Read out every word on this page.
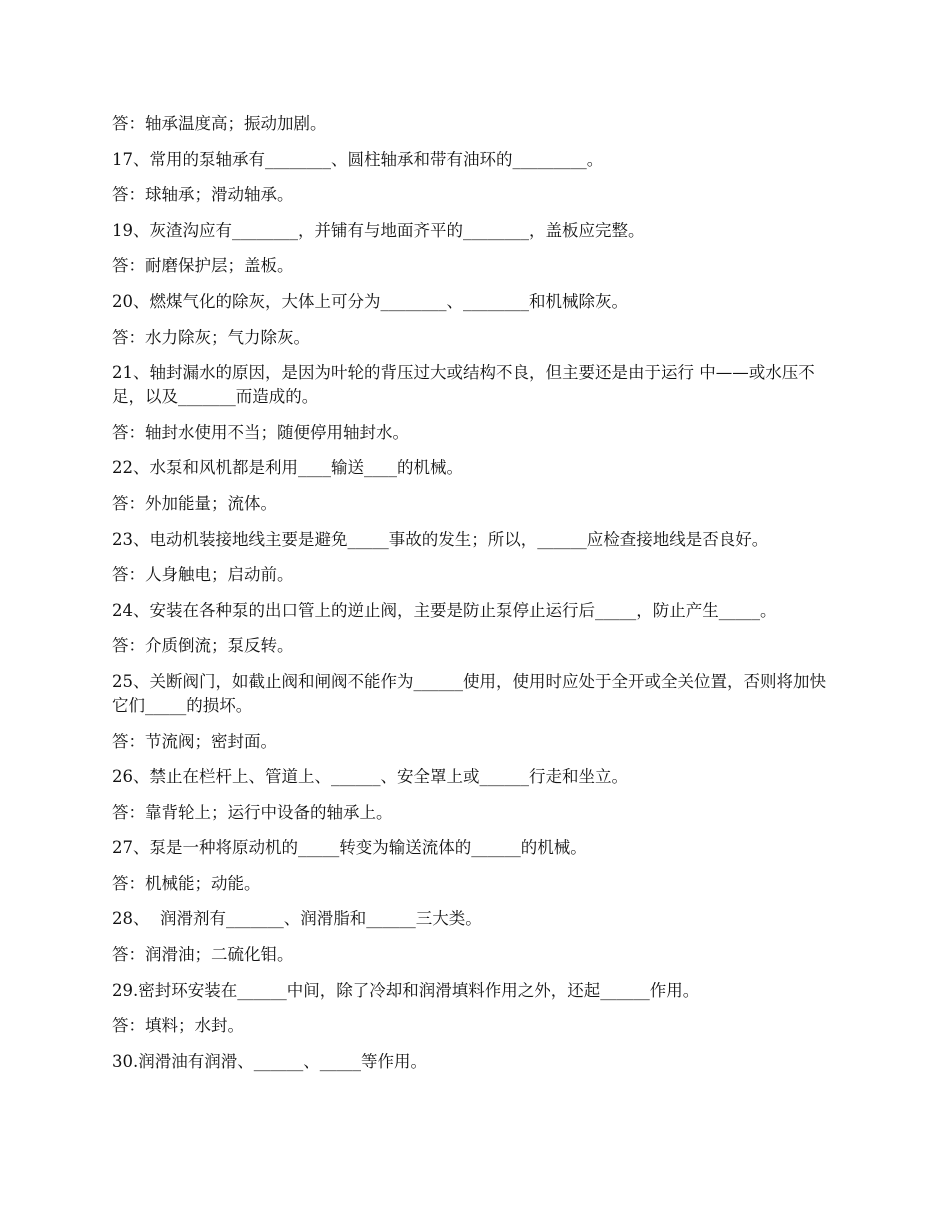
答：轴承温度高；振动加剧。

17、常用的泵轴承有________、圆柱轴承和带有油环的_________。

答：球轴承；滑动轴承。

19、灰渣沟应有________，并铺有与地面齐平的________，盖板应完整。

答：耐磨保护层；盖板。

20、燃煤气化的除灰，大体上可分为________、________和机械除灰。

答：水力除灰；气力除灰。

21、轴封漏水的原因，是因为叶轮的背压过大或结构不良，但主要还是由于运行 中——或水压不足，以及_______而造成的。

答：轴封水使用不当；随便停用轴封水。

22、水泵和风机都是利用____输送____的机械。

答：外加能量；流体。

23、电动机装接地线主要是避免_____事故的发生；所以，______应检查接地线是否良好。

答：人身触电；启动前。

24、安装在各种泵的出口管上的逆止阀，主要是防止泵停止运行后_____，防止产生_____。

答：介质倒流；泵反转。

25、关断阀门，如截止阀和闸阀不能作为______使用，使用时应处于全开或全关位置，否则将加快它们_____的损坏。

答：节流阀；密封面。

26、禁止在栏杆上、管道上、______、安全罩上或______行走和坐立。

答：靠背轮上；运行中设备的轴承上。

27、泵是一种将原动机的_____转变为输送流体的______的机械。

答：机械能；动能。

28、  润滑剂有_______、润滑脂和______三大类。

答：润滑油；二硫化钼。

29.密封环安装在______中间，除了冷却和润滑填料作用之外，还起______作用。

答：填料；水封。

30.润滑油有润滑、______、_____等作用。
